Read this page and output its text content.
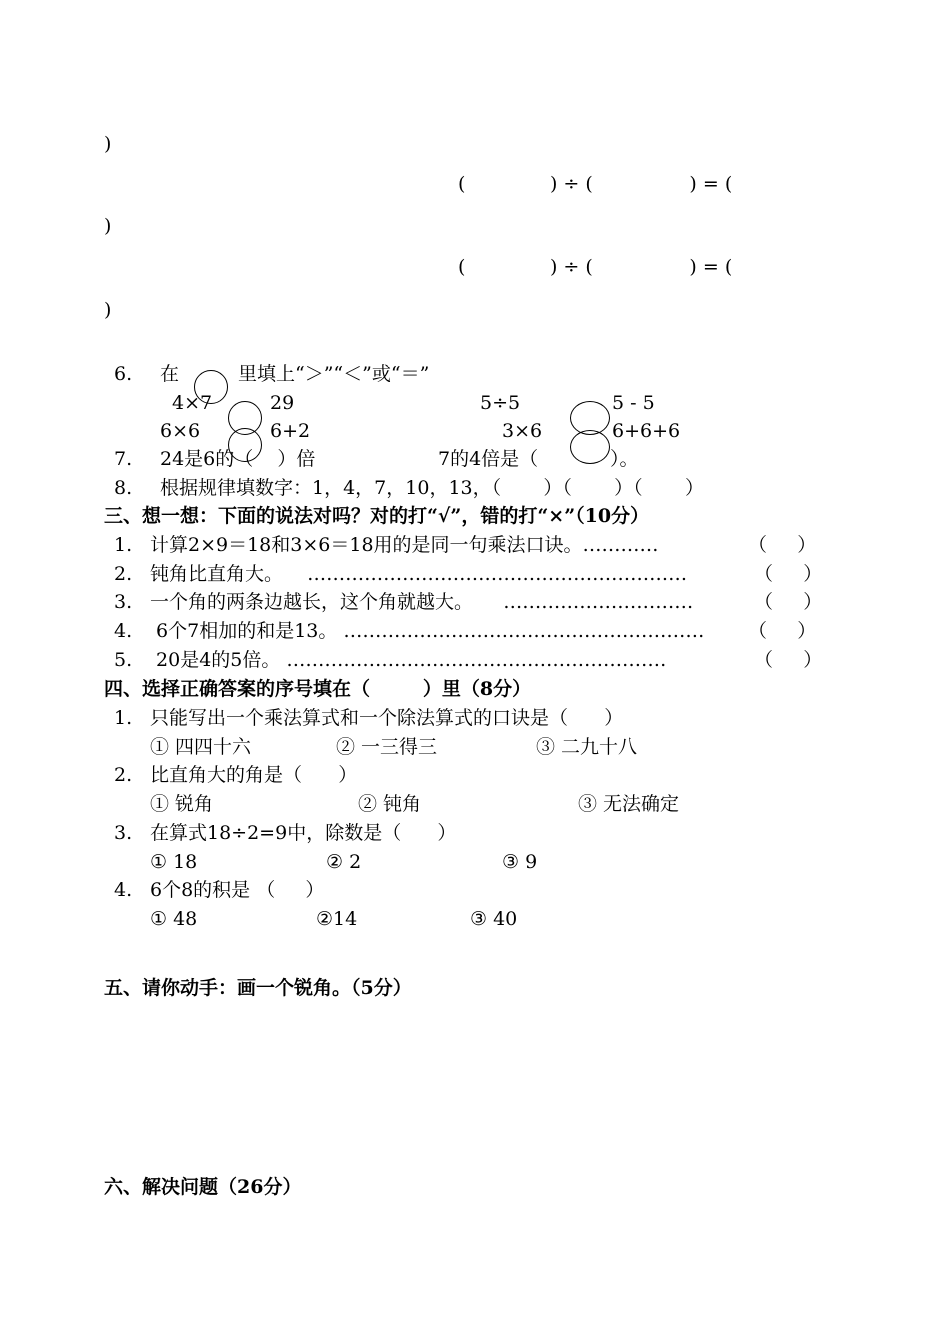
)
(              ) ÷ (                ) = (
)
(              ) ÷ (                ) = (
)
6. 在	里填上“＞”“＜”或“＝”
4×7	29	5÷5	5 - 5
6×6	6+2	3×6	6+6+6
7. 24是6的（    ）倍	7的4倍是（	）。
8. 根据规律填数字：1，4，7，10，13，（       ）（       ）（       ）
三、想一想：下面的说法对吗？对的打“√”，错的打“×”（10分）
1. 计算2×9＝18和3×6＝18用的是同一句乘法口诀。…………	（     ）
2. 钝角比直角大。    ……………………………………………………	（     ）
3. 一个角的两条边越长，这个角就越大。     …………………………	（     ）
4. 6个7相加的和是13。 ………………………………………………… （     ）
5. 20是4的5倍。 ……………………………………………………	（     ）
四、选择正确答案的序号填在（        ）里（8分）
1. 只能写出一个乘法算式和一个除法算式的口诀是（      ）
① 四四十六	② 一三得三	③ 二九十八
2. 比直角大的角是（      ）
① 锐角	② 钝角	③ 无法确定
3. 在算式18÷2=9中，除数是（      ）
① 18	② 2	③ 9
4. 6个8的积是 （     ）
① 48	②14	③ 40
五、请你动手：画一个锐角。（5分）
六、解决问题（26分）
